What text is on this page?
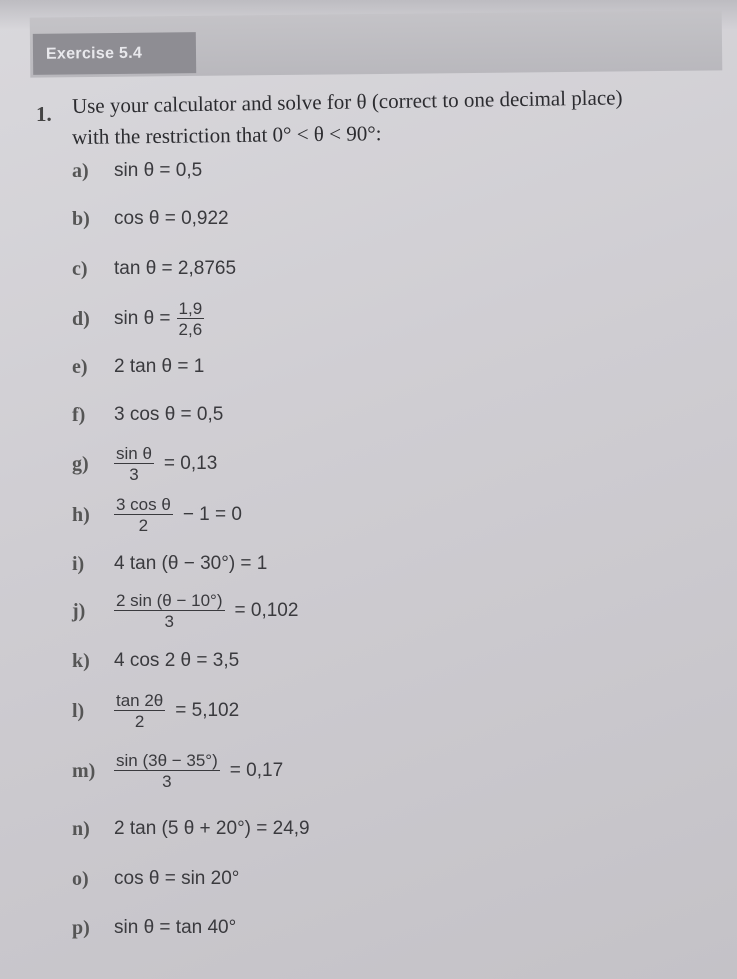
Exercise 5.4
1. Use your calculator and solve for θ (correct to one decimal place)
with the restriction that 0° < θ < 90°:
a)	sin θ = 0,5
b)	cos θ = 0,922
c)	tan θ = 2,8765
d)	$\sin \theta = \frac{1,9}{2,6}$
e)	2 tan θ = 1
f)	3 cos θ = 0,5
g)	$\frac{\text{sin θ}}{3} = 0,13$
h)	$\frac{\text{3 cos θ}}{2} - 1 = 0$
i)	4 tan (θ − 30°) = 1
j)	$\frac{2 \sin (\theta - 10^\circ)}{3} = 0,102$
k)	4 cos 2 θ = 3,5
l)	$\frac{\tan 2\theta}{2} = 5,102$
m)	$\frac{\sin (3\theta - 35^\circ)}{3} = 0,17$
n)	2 tan (5 θ + 20°) = 24,9
o)	cos θ = sin 20°
p)	sin θ = tan 40°
